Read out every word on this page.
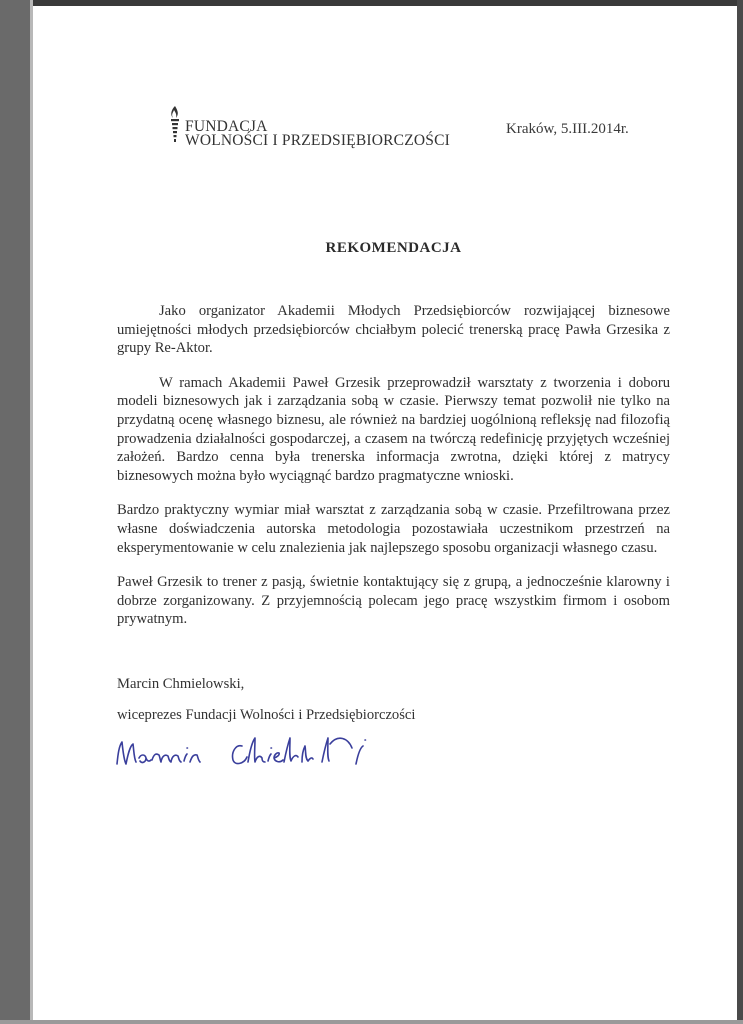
FUNDACJA
WOLNOŚCI I PRZEDSIĘBIORCZOŚCI
Kraków, 5.III.2014r.
REKOMENDACJA

Jako organizator Akademii Młodych Przedsiębiorców rozwijającej biznesowe umiejętności młodych przedsiębiorców chciałbym polecić trenerską pracę Pawła Grzesika z grupy Re-Aktor.

W ramach Akademii Paweł Grzesik przeprowadził warsztaty z tworzenia i doboru modeli biznesowych jak i zarządzania sobą w czasie. Pierwszy temat pozwolił nie tylko na przydatną ocenę własnego biznesu, ale również na bardziej uogólnioną refleksję nad filozofią prowadzenia działalności gospodarczej, a czasem na twórczą redefinicję przyjętych wcześniej założeń. Bardzo cenna była trenerska informacja zwrotna, dzięki której z matrycy biznesowych można było wyciągnąć bardzo pragmatyczne wnioski.

Bardzo praktyczny wymiar miał warsztat z zarządzania sobą w czasie. Przefiltrowana przez własne doświadczenia autorska metodologia pozostawiała uczestnikom przestrzeń na eksperymentowanie w celu znalezienia jak najlepszego sposobu organizacji własnego czasu.

Paweł Grzesik to trener z pasją, świetnie kontaktujący się z grupą, a jednocześnie klarowny i dobrze zorganizowany. Z przyjemnością polecam jego pracę wszystkim firmom i osobom prywatnym.

Marcin Chmielowski,
wiceprezes Fundacji Wolności i Przedsiębiorczości
